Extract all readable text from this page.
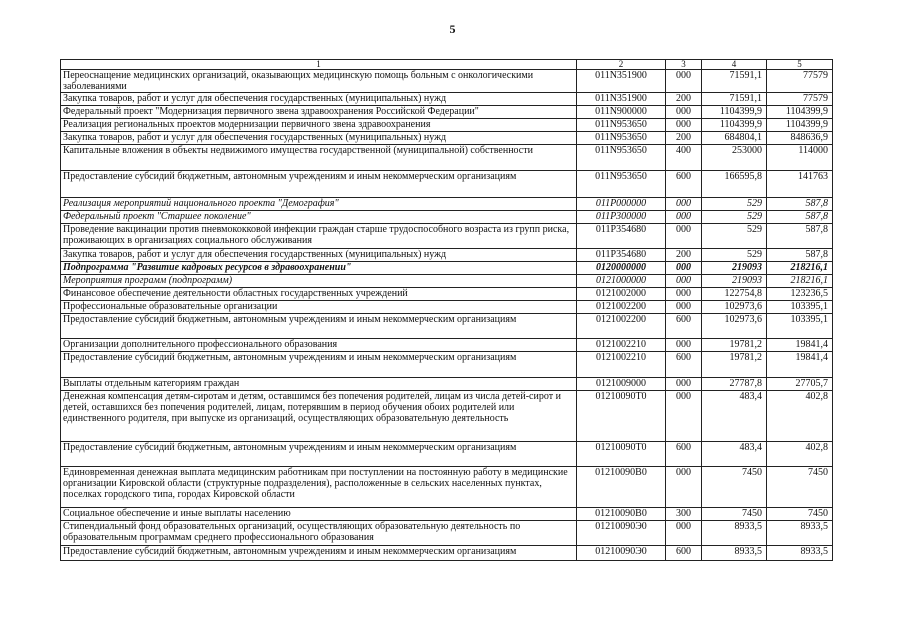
5
1	2	3	4	5
Переоснащение медицинских организаций, оказывающих медицинскую помощь больным с онкологическими заболеваниями	011N351900	000	71591,1	77579
Закупка товаров, работ и услуг для обеспечения государственных (муниципальных) нужд	011N351900	200	71591,1	77579
Федеральный проект "Модернизация первичного звена здравоохранения Российской Федерации"	011N900000	000	1104399,9	1104399,9
Реализация региональных проектов модернизации первичного звена здравоохранения	011N953650	000	1104399,9	1104399,9
Закупка товаров, работ и услуг для обеспечения государственных (муниципальных) нужд	011N953650	200	684804,1	848636,9
Капитальные вложения в объекты недвижимого имущества государственной (муниципальной) собственности	011N953650	400	253000	114000
Предоставление субсидий бюджетным, автономным учреждениям и иным некоммерческим организациям	011N953650	600	166595,8	141763
Реализация мероприятий национального проекта "Демография"	011P000000	000	529	587,8
Федеральный проект "Старшее поколение"	011P300000	000	529	587,8
Проведение вакцинации против пневмококковой инфекции граждан старше трудоспособного возраста из групп риска, проживающих в организациях социального обслуживания	011P354680	000	529	587,8
Закупка товаров, работ и услуг для обеспечения государственных (муниципальных) нужд	011P354680	200	529	587,8
Подпрограмма "Развитие кадровых ресурсов в здравоохранении"	0120000000	000	219093	218216,1
Мероприятия программ (подпрограмм)	0121000000	000	219093	218216,1
Финансовое обеспечение деятельности областных государственных учреждений	0121002000	000	122754,8	123236,5
Профессиональные образовательные организации	0121002200	000	102973,6	103395,1
Предоставление субсидий бюджетным, автономным учреждениям и иным некоммерческим организациям	0121002200	600	102973,6	103395,1
Организации дополнительного профессионального образования	0121002210	000	19781,2	19841,4
Предоставление субсидий бюджетным, автономным учреждениям и иным некоммерческим организациям	0121002210	600	19781,2	19841,4
Выплаты отдельным категориям граждан	0121009000	000	27787,8	27705,7
Денежная компенсация детям-сиротам и детям, оставшимся без попечения родителей, лицам из числа детей-сирот и детей, оставшихся без попечения родителей, лицам, потерявшим в период обучения обоих родителей или единственного родителя, при выпуске из организаций, осуществляющих образовательную деятельность	01210090Т0	000	483,4	402,8
Предоставление субсидий бюджетным, автономным учреждениям и иным некоммерческим организациям	01210090Т0	600	483,4	402,8
Единовременная денежная выплата медицинским работникам при поступлении на постоянную работу в медицинские организации Кировской области (структурные подразделения), расположенные в сельских населенных пунктах, поселках городского типа, городах Кировской области	01210090В0	000	7450	7450
Социальное обеспечение и иные выплаты населению	01210090В0	300	7450	7450
Стипендиальный фонд образовательных организаций, осуществляющих образовательную деятельность по образовательным программам среднего профессионального образования	01210090Э0	000	8933,5	8933,5
Предоставление субсидий бюджетным, автономным учреждениям и иным некоммерческим организациям	01210090Э0	600	8933,5	8933,5
